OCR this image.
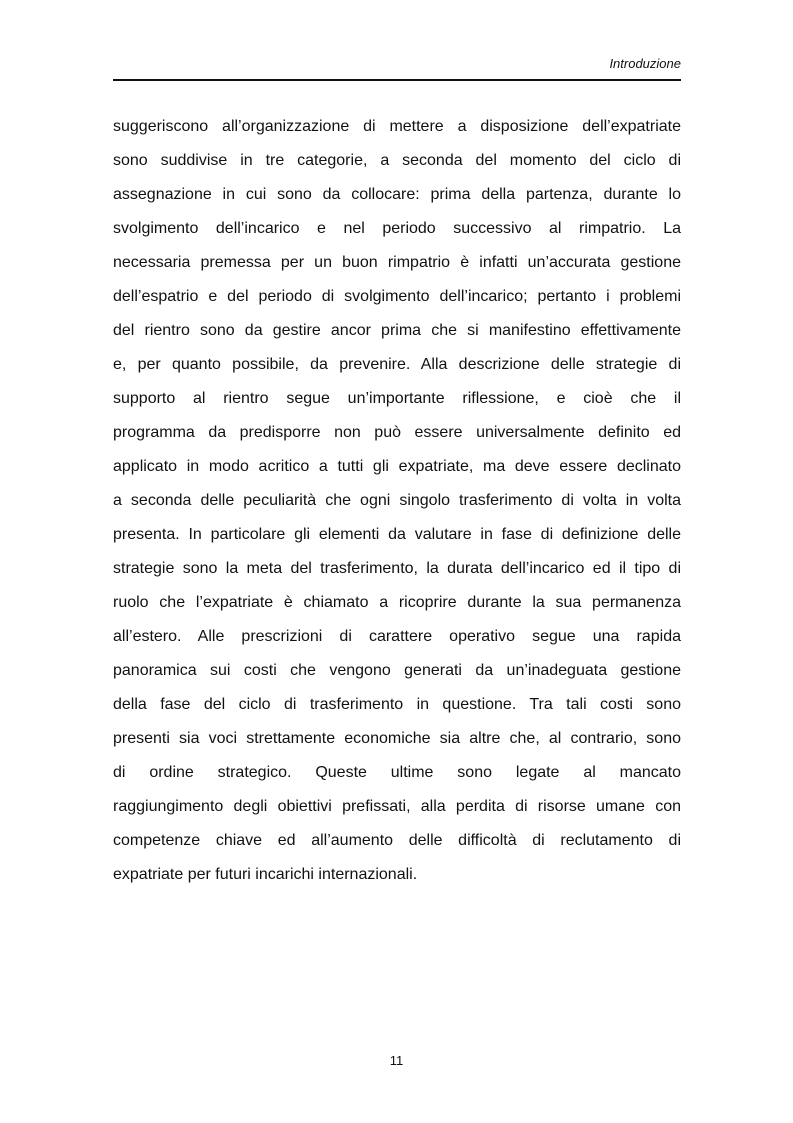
Introduzione
suggeriscono all’organizzazione di mettere a disposizione dell’expatriate
sono suddivise in tre categorie, a seconda del momento del ciclo di
assegnazione in cui sono da collocare: prima della partenza, durante lo
svolgimento dell’incarico e nel periodo successivo al rimpatrio. La
necessaria premessa per un buon rimpatrio è infatti un’accurata gestione
dell’espatrio e del periodo di svolgimento dell’incarico; pertanto i problemi
del rientro sono da gestire ancor prima che si manifestino effettivamente
e, per quanto possibile, da prevenire. Alla descrizione delle strategie di
supporto al rientro segue un’importante riflessione, e cioè che il
programma da predisporre non può essere universalmente definito ed
applicato in modo acritico a tutti gli expatriate, ma deve essere declinato
a seconda delle peculiarità che ogni singolo trasferimento di volta in volta
presenta. In particolare gli elementi da valutare in fase di definizione delle
strategie sono la meta del trasferimento, la durata dell’incarico ed il tipo di
ruolo che l’expatriate è chiamato a ricoprire durante la sua permanenza
all’estero. Alle prescrizioni di carattere operativo segue una rapida
panoramica sui costi che vengono generati da un’inadeguata gestione
della fase del ciclo di trasferimento in questione. Tra tali costi sono
presenti sia voci strettamente economiche sia altre che, al contrario, sono
di ordine strategico. Queste ultime sono legate al mancato
raggiungimento degli obiettivi prefissati, alla perdita di risorse umane con
competenze chiave ed all’aumento delle difficoltà di reclutamento di
expatriate per futuri incarichi internazionali.
11
